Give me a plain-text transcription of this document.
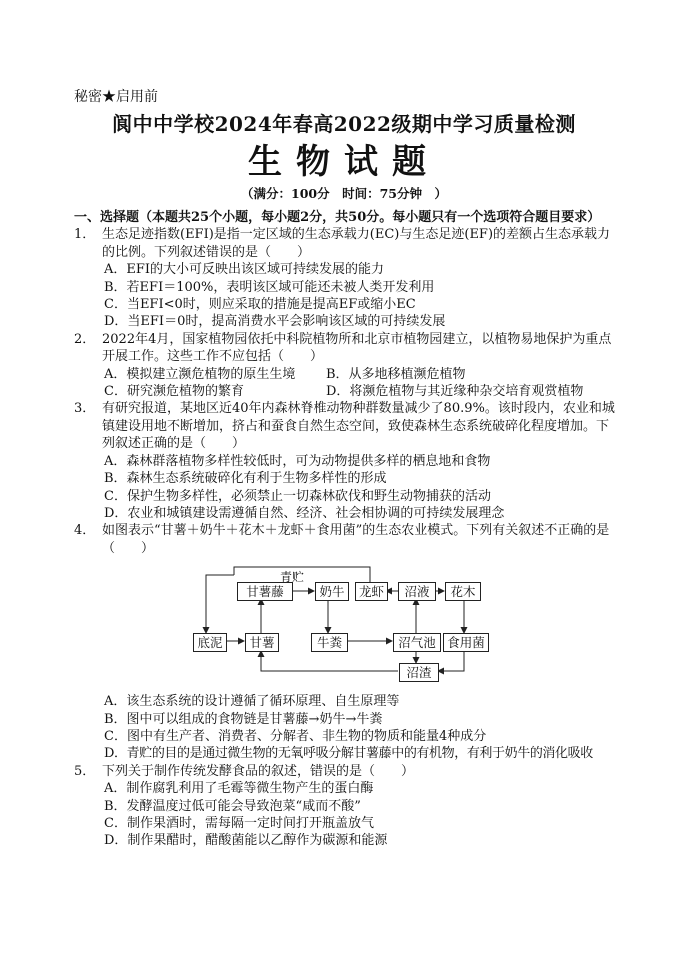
秘密★启用前
阆中中学校2024年春高2022级期中学习质量检测
生物试题
（满分：100分　时间：75分钟　）
一、选择题（本题共25个小题，每小题2分，共50分。每小题只有一个选项符合题目要求）
1． 生态足迹指数(EFI)是指一定区域的生态承载力(EC)与生态足迹(EF)的差额占生态承载力的比例。下列叙述错误的是（　　）
A．EFI的大小可反映出该区域可持续发展的能力
B．若EFI＝100%，表明该区域可能还未被人类开发利用
C．当EFI<0时，则应采取的措施是提高EF或缩小EC
D．当EFI＝0时，提高消费水平会影响该区域的可持续发展
2． 2022年4月，国家植物园依托中科院植物所和北京市植物园建立，以植物易地保护为重点开展工作。这些工作不应包括（　　）
A．模拟建立濒危植物的原生生境	B．从多地移植濒危植物
C．研究濒危植物的繁育	D．将濒危植物与其近缘种杂交培育观赏植物
3． 有研究报道，某地区近40年内森林脊椎动物种群数量减少了80.9%。该时段内，农业和城镇建设用地不断增加，挤占和蚕食自然生态空间，致使森林生态系统破碎化程度增加。下列叙述正确的是（　　）
A．森林群落植物多样性较低时，可为动物提供多样的栖息地和食物
B．森林生态系统破碎化有利于生物多样性的形成
C．保护生物多样性，必须禁止一切森林砍伐和野生动物捕获的活动
D．农业和城镇建设需遵循自然、经济、社会相协调的可持续发展理念
4． 如图表示“甘薯＋奶牛＋花木＋龙虾＋食用菌”的生态农业模式。下列有关叙述不正确的是（　　）
甘薯藤	奶牛	龙虾	沼液	花木
底泥	甘薯	牛粪	沼气池 食用菌
沼渣
青贮
A．该生态系统的设计遵循了循环原理、自生原理等
B．图中可以组成的食物链是甘薯藤→奶牛→牛粪
C．图中有生产者、消费者、分解者、非生物的物质和能量4种成分
D．青贮的目的是通过微生物的无氧呼吸分解甘薯藤中的有机物，有利于奶牛的消化吸收
5． 下列关于制作传统发酵食品的叙述，错误的是（　　）
A．制作腐乳利用了毛霉等微生物产生的蛋白酶
B．发酵温度过低可能会导致泡菜“咸而不酸”
C．制作果酒时，需每隔一定时间打开瓶盖放气
D．制作果醋时，醋酸菌能以乙醇作为碳源和能源
